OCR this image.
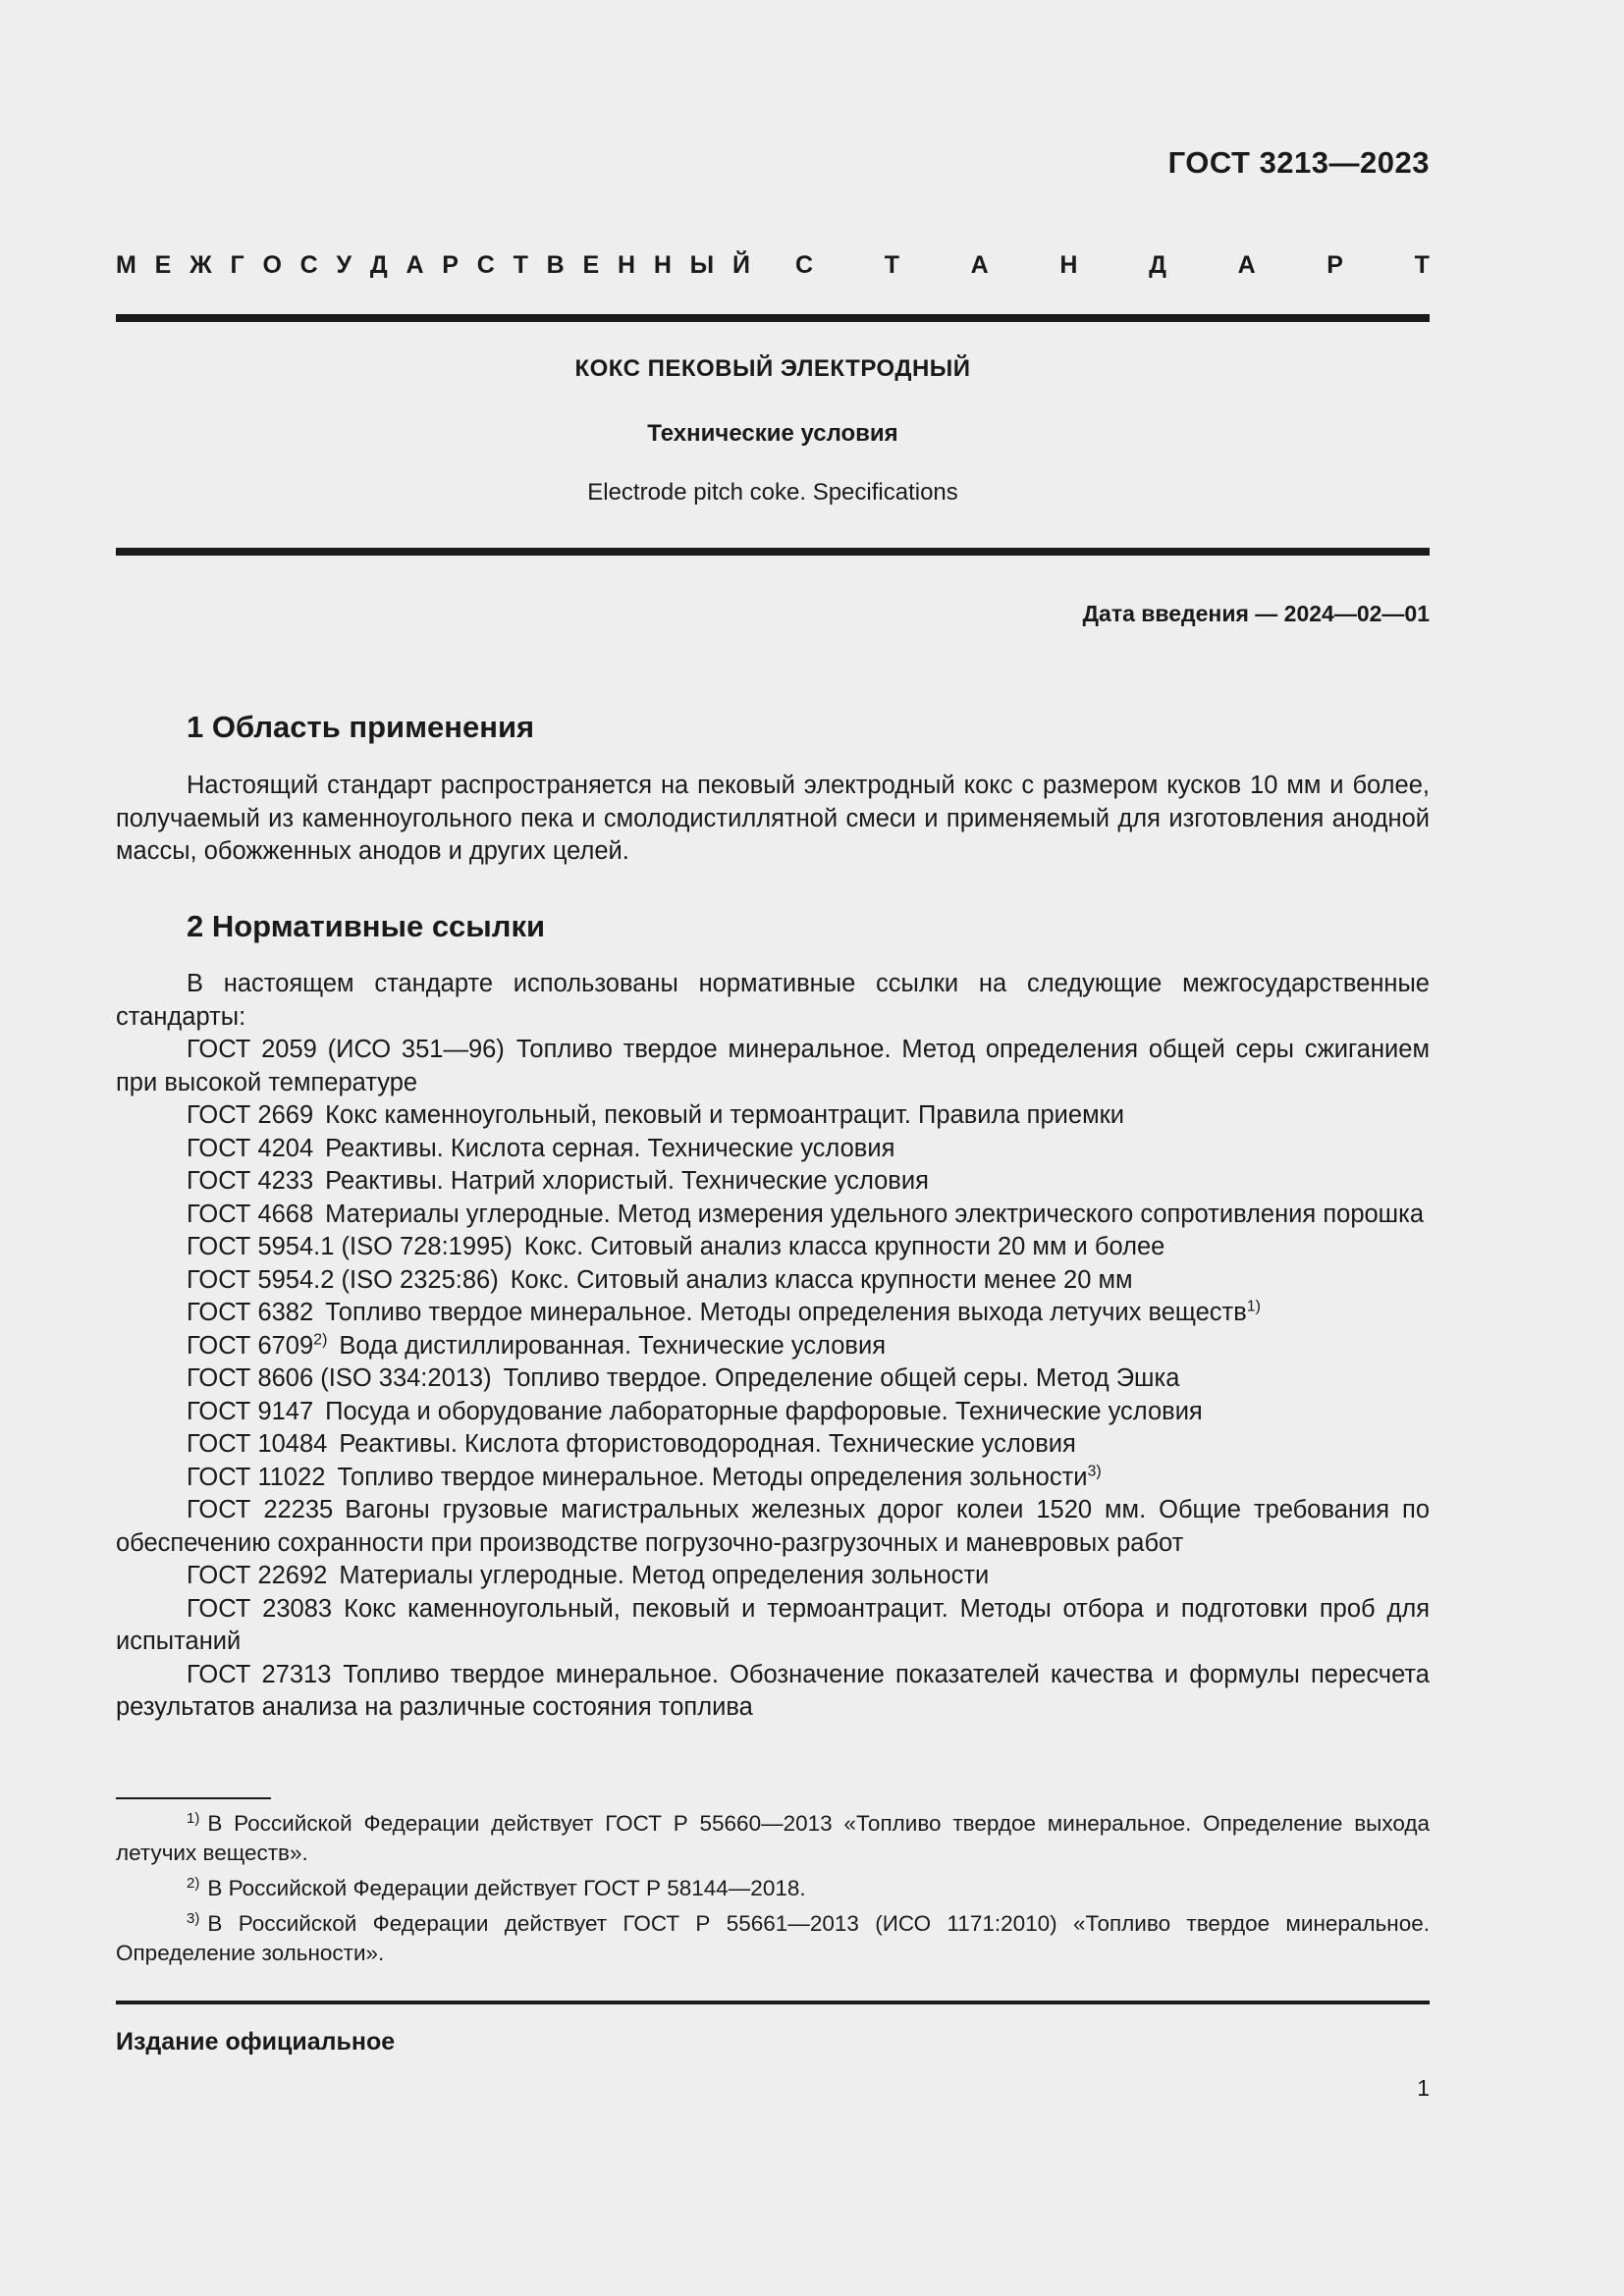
ГОСТ 3213—2023
М Е Ж Г О С У Д А Р С Т В Е Н Н Ы Й С	Т	А	Н	Д	А	Р	Т
КОКС ПЕКОВЫЙ ЭЛЕКТРОДНЫЙ
Технические условия
Electrode pitch coke. Specifications
Дата введения — 2024—02—01
1 Область применения

Настоящий стандарт распространяется на пековый электродный кокс с размером кусков 10 мм и более, получаемый из каменноугольного пека и смолодистиллятной смеси и применяемый для изготовления анодной массы, обожженных анодов и других целей.

2 Нормативные ссылки
В настоящем стандарте использованы нормативные ссылки на следующие межгосударственные стандарты:
ГОСТ 2059 (ИСО 351—96) Топливо твердое минеральное. Метод определения общей серы сжиганием при высокой температуре
ГОСТ 2669 Кокс каменноугольный, пековый и термоантрацит. Правила приемки
ГОСТ 4204 Реактивы. Кислота серная. Технические условия
ГОСТ 4233 Реактивы. Натрий хлористый. Технические условия
ГОСТ 4668 Материалы углеродные. Метод измерения удельного электрического сопротивления порошка
ГОСТ 5954.1 (ISO 728:1995) Кокс. Ситовый анализ класса крупности 20 мм и более
ГОСТ 5954.2 (ISO 2325:86) Кокс. Ситовый анализ класса крупности менее 20 мм
ГОСТ 6382 Топливо твердое минеральное. Методы определения выхода летучих веществ$^{1)}$
ГОСТ 6709$^{2)}$ Вода дистиллированная. Технические условия
ГОСТ 8606 (ISO 334:2013) Топливо твердое. Определение общей серы. Метод Эшка
ГОСТ 9147 Посуда и оборудование лабораторные фарфоровые. Технические условия
ГОСТ 10484 Реактивы. Кислота фтористоводородная. Технические условия
ГОСТ 11022 Топливо твердое минеральное. Методы определения зольности$^{3)}$
ГОСТ 22235 Вагоны грузовые магистральных железных дорог колеи 1520 мм. Общие требования по обеспечению сохранности при производстве погрузочно-разгрузочных и маневровых работ
ГОСТ 22692 Материалы углеродные. Метод определения зольности
ГОСТ 23083 Кокс каменноугольный, пековый и термоантрацит. Методы отбора и подготовки проб для испытаний
ГОСТ 27313 Топливо твердое минеральное. Обозначение показателей качества и формулы пересчета результатов анализа на различные состояния топлива
$^{1)}$ В Российской Федерации действует ГОСТ Р 55660—2013 «Топливо твердое минеральное. Определение выхода летучих веществ».
$^{2)}$ В Российской Федерации действует ГОСТ Р 58144—2018.
$^{3)}$ В Российской Федерации действует ГОСТ Р 55661—2013 (ИСО 1171:2010) «Топливо твердое минеральное. Определение зольности».
Издание официальное
1
